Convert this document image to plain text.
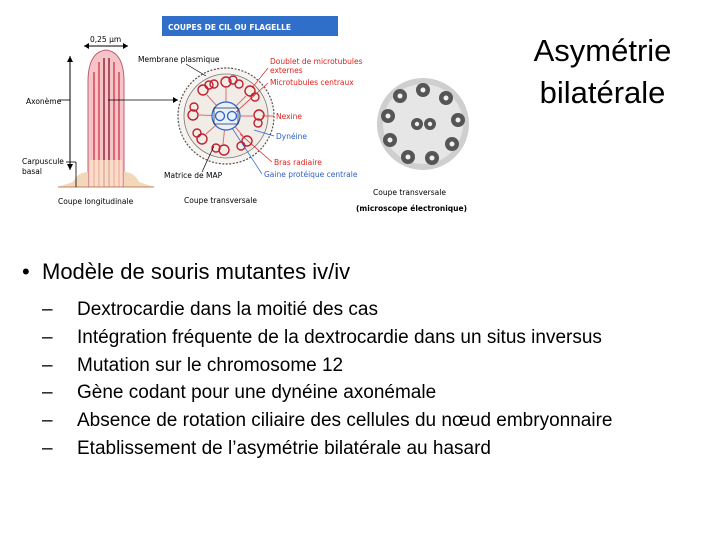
COUPES DE CIL OU FLAGELLE
0,25 µm
Axonème
Carpuscule
basal
Coupe longitudinale
Membrane plasmique	Doublet de microtubules
externes
Microtubules centraux
Nexine
Dynéine
Bras radiaire
Gaine protéique centrale
Matrice de MAP
Coupe transversale
Coupe transversale
(microscope électronique)
Asymétrie
bilatérale
• Modèle de souris mutantes iv/iv
– Dextrocardie dans la moitié des cas
– Intégration fréquente de la dextrocardie dans un situs inversus
– Mutation sur le chromosome 12
– Gène codant pour une dynéine axonémale
– Absence de rotation ciliaire des cellules du nœud embryonnaire
– Etablissement de l’asymétrie bilatérale au hasard
